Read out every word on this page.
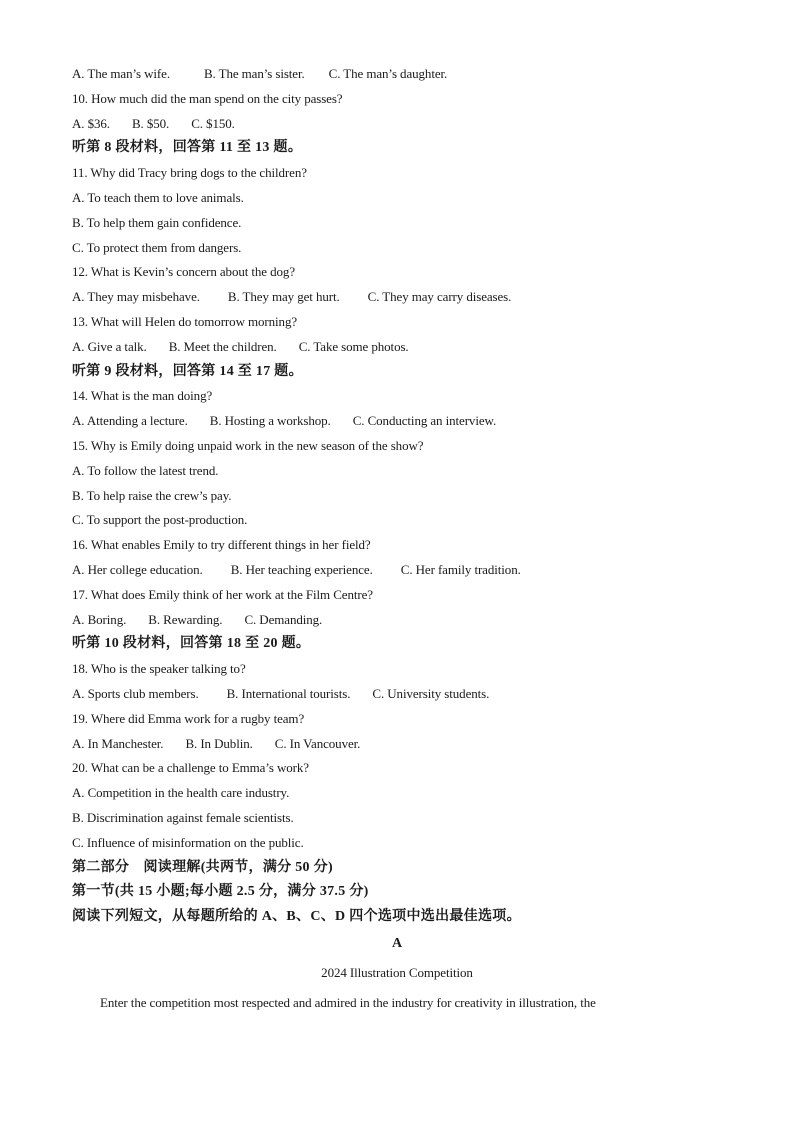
A. The man’s wife.	B. The man’s sister. C. The man’s daughter.
10. How much did the man spend on the city passes?
A. $36. B. $50. C. $150.
听第 8 段材料，回答第 11 至 13 题。
11. Why did Tracy bring dogs to the children?
A. To teach them to love animals.
B. To help them gain confidence.
C. To protect them from dangers.
12. What is Kevin’s concern about the dog?
A. They may misbehave. B. They may get hurt. C. They may carry diseases.
13. What will Helen do tomorrow morning?
A. Give a talk. B. Meet the children. C. Take some photos.
听第 9 段材料，回答第 14 至 17 题。
14. What is the man doing?
A. Attending a lecture. B. Hosting a workshop. C. Conducting an interview.
15. Why is Emily doing unpaid work in the new season of the show?
A. To follow the latest trend.
B. To help raise the crew’s pay.
C. To support the post-production.
16. What enables Emily to try different things in her field?
A. Her college education. B. Her teaching experience. C. Her family tradition.
17. What does Emily think of her work at the Film Centre?
A. Boring. B. Rewarding. C. Demanding.
听第 10 段材料，回答第 18 至 20 题。
18. Who is the speaker talking to?
A. Sports club members. B. International tourists. C. University students.
19. Where did Emma work for a rugby team?
A. In Manchester. B. In Dublin. C. In Vancouver.
20. What can be a challenge to Emma’s work?
A. Competition in the health care industry.
B. Discrimination against female scientists.
C. Influence of misinformation on the public.
第二部分　阅读理解(共两节，满分 50 分)
第一节(共 15 小题;每小题 2.5 分，满分 37.5 分)
阅读下列短文，从每题所给的 A、B、C、D 四个选项中选出最佳选项。
A
2024 Illustration Competition
Enter the competition most respected and admired in the industry for creativity in illustration, the
